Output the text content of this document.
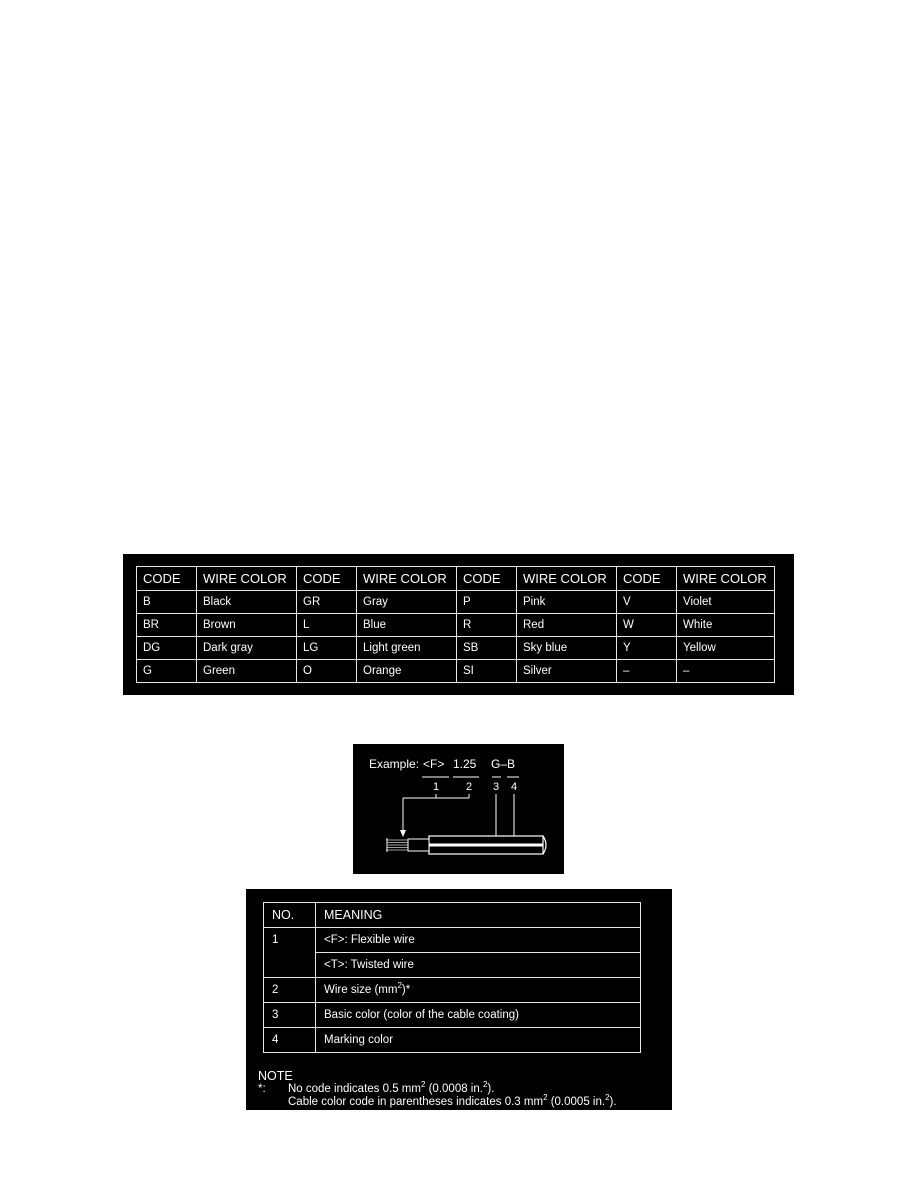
CODE	WIRE COLOR	CODE	WIRE COLOR	CODE	WIRE COLOR	CODE	WIRE COLOR
B	Black	GR	Gray	P	Pink	V	Violet
BR	Brown	L	Blue	R	Red	W	White
DG	Dark gray	LG	Light green	SB	Sky blue	Y	Yellow
G	Green	O	Orange	SI	Silver	–	–
Example: <F> 1.25 G–B
1 2 3 4
NO.	MEANING
1	<F>: Flexible wire
	<T>: Twisted wire
2	Wire size $(mm^2)*$
3	Basic color (color of the cable coating)
4	Marking color
NOTE
*: No code indicates 0.5 $mm^2$ (0.0008 in.$^2$).
Cable color code in parentheses indicates 0.3 $mm^2$ (0.0005 in.$^2$).
